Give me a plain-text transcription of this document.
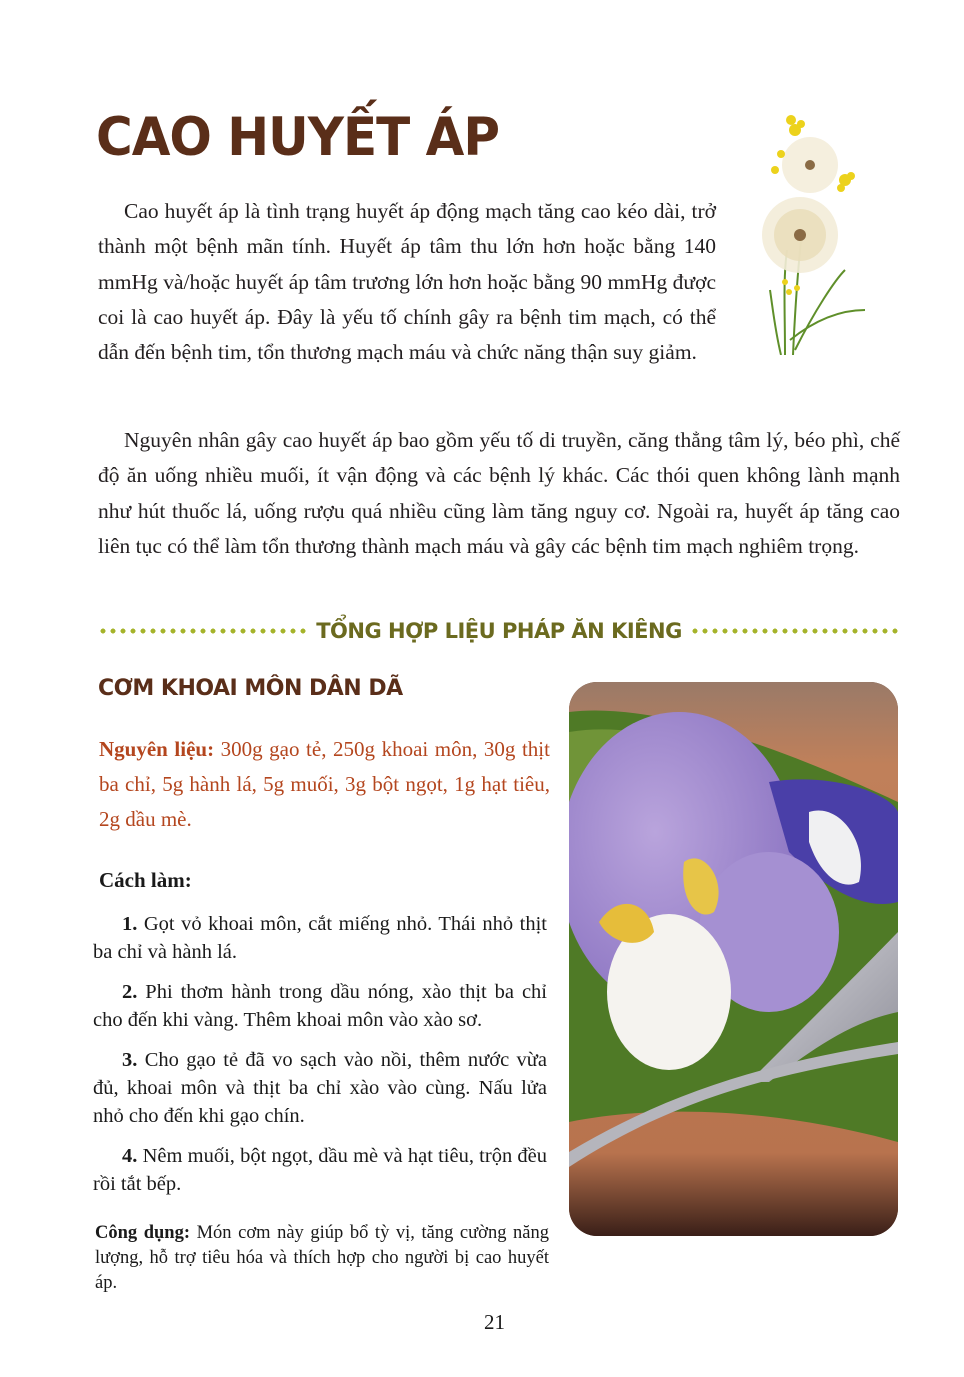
CAO HUYẾT ÁP

Cao huyết áp là tình trạng huyết áp động mạch tăng cao kéo dài, trở thành một bệnh mãn tính. Huyết áp tâm thu lớn hơn hoặc bằng 140 mmHg và/hoặc huyết áp tâm trương lớn hơn hoặc bằng 90 mmHg được coi là cao huyết áp. Đây là yếu tố chính gây ra bệnh tim mạch, có thể dẫn đến bệnh tim, tổn thương mạch máu và chức năng thận suy giảm.

Nguyên nhân gây cao huyết áp bao gồm yếu tố di truyền, căng thẳng tâm lý, béo phì, chế độ ăn uống nhiều muối, ít vận động và các bệnh lý khác. Các thói quen không lành mạnh như hút thuốc lá, uống rượu quá nhiều cũng làm tăng nguy cơ. Ngoài ra, huyết áp tăng cao liên tục có thể làm tổn thương thành mạch máu và gây các bệnh tim mạch nghiêm trọng.

TỔNG HỢP LIỆU PHÁP ĂN KIÊNG
CƠM KHOAI MÔN DÂN DÃ

Nguyên liệu: 300g gạo tẻ, 250g khoai môn, 30g thịt ba chỉ, 5g hành lá, 5g muối, 3g bột ngọt, 1g hạt tiêu, 2g dầu mè.

Cách làm:

1. Gọt vỏ khoai môn, cắt miếng nhỏ. Thái nhỏ thịt ba chỉ và hành lá.

2. Phi thơm hành trong dầu nóng, xào thịt ba chỉ cho đến khi vàng. Thêm khoai môn vào xào sơ.

3. Cho gạo tẻ đã vo sạch vào nồi, thêm nước vừa đủ, khoai môn và thịt ba chỉ xào vào cùng. Nấu lửa nhỏ cho đến khi gạo chín.

4. Nêm muối, bột ngọt, dầu mè và hạt tiêu, trộn đều rồi tắt bếp.

Công dụng: Món cơm này giúp bổ tỳ vị, tăng cường năng lượng, hỗ trợ tiêu hóa và thích hợp cho người bị cao huyết áp.

21
